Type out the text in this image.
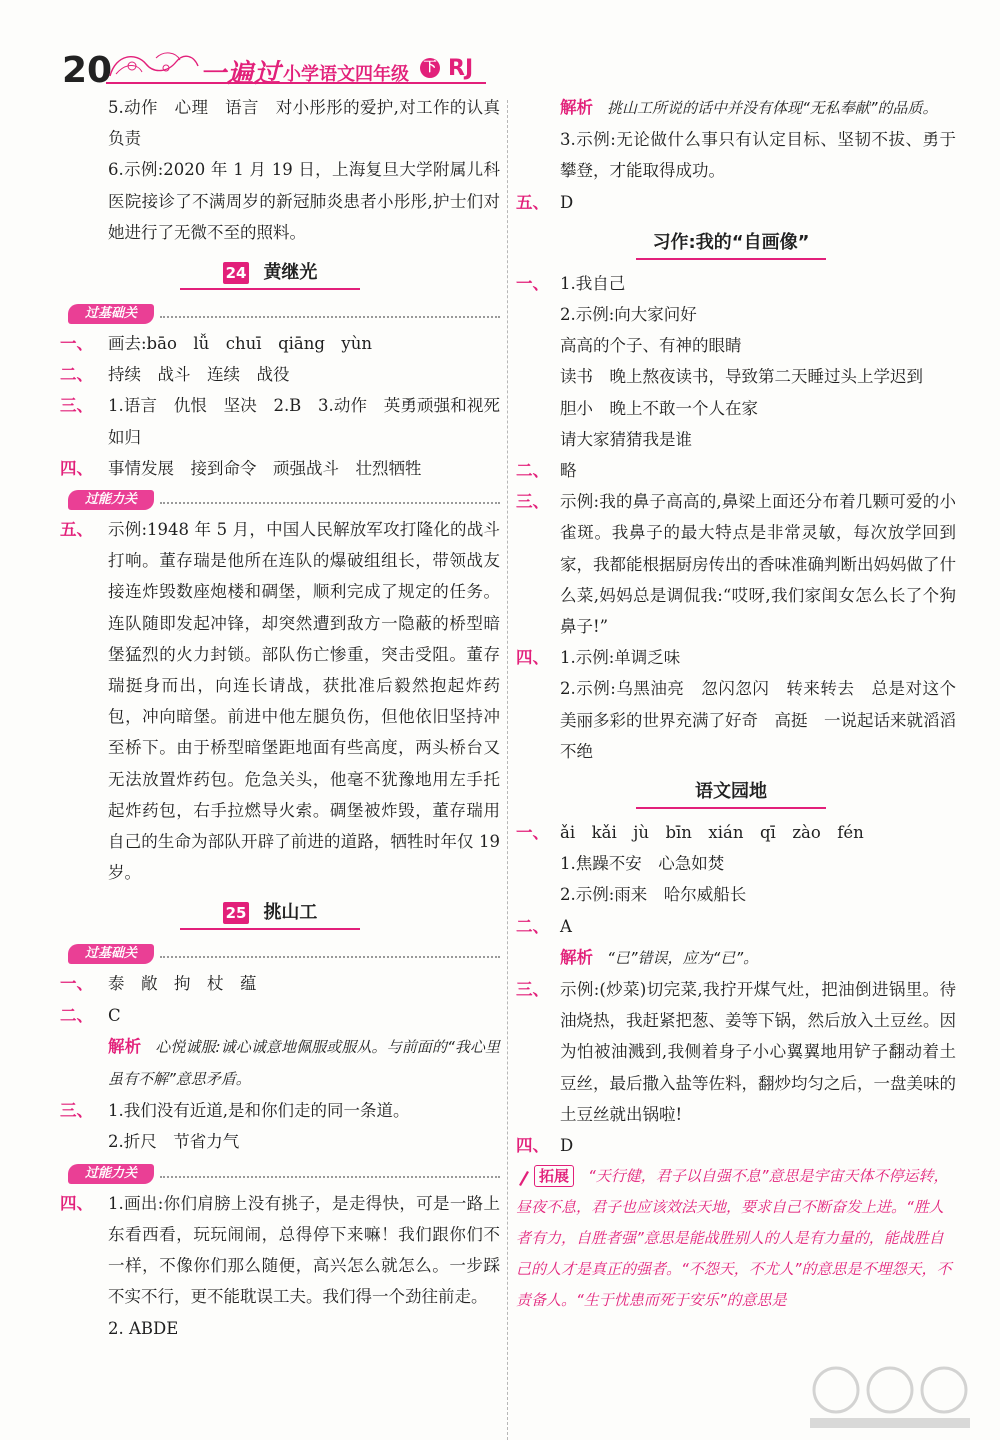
20	一遍过 小学语文四年级 下 RJ
5.动作　心理　语言　对小彤彤的爱护,对工作的认真负责
6.示例:2020 年 1 月 19 日，上海复旦大学附属儿科医院接诊了不满周岁的新冠肺炎患者小彤彤,护士们对她进行了无微不至的照料。
24 黄继光
过基础关
一、 画去:bāo　lǚ　chuī　qiāng　yùn
二、 持续　战斗　连续　战役
三、 1.语言　仇恨　坚决　2.B　3.动作　英勇顽强和视死如归
四、 事情发展　接到命令　顽强战斗　壮烈牺牲
过能力关
五、 示例:1948 年 5 月，中国人民解放军攻打隆化的战斗打响。董存瑞是他所在连队的爆破组组长，带领战友接连炸毁数座炮楼和碉堡，顺利完成了规定的任务。连队随即发起冲锋，却突然遭到敌方一隐蔽的桥型暗堡猛烈的火力封锁。部队伤亡惨重，突击受阻。董存瑞挺身而出，向连长请战，获批准后毅然抱起炸药包，冲向暗堡。前进中他左腿负伤，但他依旧坚持冲至桥下。由于桥型暗堡距地面有些高度，两头桥台又无法放置炸药包。危急关头，他毫不犹豫地用左手托起炸药包，右手拉燃导火索。碉堡被炸毁，董存瑞用自己的生命为部队开辟了前进的道路，牺牲时年仅 19 岁。
25 挑山工
过基础关
一、 泰　敞　拘　杖　蕴
二、 C
解析 心悦诚服:诚心诚意地佩服或服从。与前面的“我心里虽有不解”意思矛盾。
三、 1.我们没有近道,是和你们走的同一条道。
2.折尺　节省力气
过能力关
四、 1.画出:你们肩膀上没有挑子，是走得快，可是一路上东看西看，玩玩闹闹，总得停下来嘛！我们跟你们不一样，不像你们那么随便，高兴怎么就怎么。一步踩不实不行，更不能耽误工夫。我们得一个劲往前走。
2. ABDE
解析 挑山工所说的话中并没有体现“无私奉献”的品质。
3.示例:无论做什么事只有认定目标、坚韧不拔、勇于攀登，才能取得成功。
五、 D
习作:我的“自画像”
一、 1.我自己
2.示例:向大家问好
高高的个子、有神的眼睛
读书　晚上熬夜读书，导致第二天睡过头上学迟到
胆小　晚上不敢一个人在家
请大家猜猜我是谁
二、 略
三、 示例:我的鼻子高高的,鼻梁上面还分布着几颗可爱的小雀斑。我鼻子的最大特点是非常灵敏，每次放学回到家，我都能根据厨房传出的香味准确判断出妈妈做了什么菜,妈妈总是调侃我:“哎呀,我们家闺女怎么长了个狗鼻子!”
四、 1.示例:单调乏味
2.示例:乌黑油亮　忽闪忽闪　转来转去　总是对这个美丽多彩的世界充满了好奇　高挺　一说起话来就滔滔不绝
语文园地
一、 ǎi　kǎi　jù　bīn　xián　qī　zào　fén
1.焦躁不安　心急如焚
2.示例:雨来　哈尔威船长
二、 A
解析 “已”错误，应为“已”。
三、 示例:(炒菜)切完菜,我拧开煤气灶，把油倒进锅里。待油烧热，我赶紧把葱、姜等下锅，然后放入土豆丝。因为怕被油溅到,我侧着身子小心翼翼地用铲子翻动着土豆丝，最后撒入盐等佐料，翻炒均匀之后，一盘美味的土豆丝就出锅啦!
四、 D
拓展 “天行健，君子以自强不息”意思是宇宙天体不停运转，昼夜不息，君子也应该效法天地，要求自己不断奋发上进。“胜人者有力，自胜者强”意思是能战胜别人的人是有力量的，能战胜自己的人才是真正的强者。“不怨天，不尤人”的意思是不埋怨天，不责备人。“生于忧患而死于安乐”的意思是
